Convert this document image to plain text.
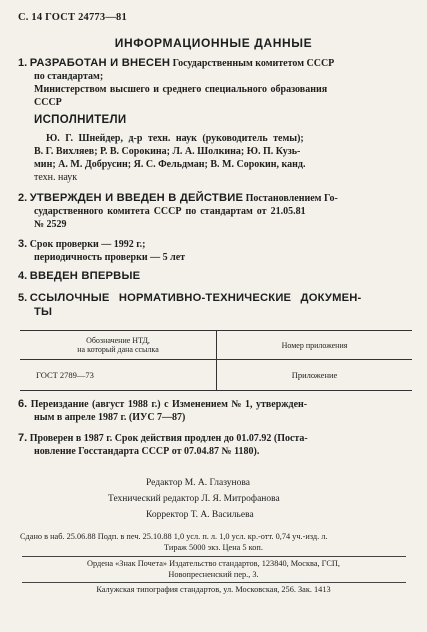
С. 14 ГОСТ 24773—81
ИНФОРМАЦИОННЫЕ ДАННЫЕ
1. РАЗРАБОТАН И ВНЕСЕН Государственным комитетом СССР
по стандартам;
Министерством высшего и среднего специального образования
СССР
ИСПОЛНИТЕЛИ
Ю. Г. Шнейдер, д-р техн. наук (руководитель темы);
В. Г. Вихляев; Р. В. Сорокина; Л. А. Шолкина; Ю. П. Кузь-
мин; А. М. Добрусин; Я. С. Фельдман; В. М. Сорокин, канд.
техн. наук
2. УТВЕРЖДЕН И ВВЕДЕН В ДЕЙСТВИЕ Постановлением Го-
сударственного комитета СССР по стандартам от 21.05.81
№ 2529
3. Срок проверки — 1992 г.;
периодичность проверки — 5 лет
4. ВВЕДЕН ВПЕРВЫЕ
5. ССЫЛОЧНЫЕ НОРМАТИВНО-ТЕХНИЧЕСКИЕ ДОКУМЕН-
ТЫ
Обозначение НТД,
на который дана ссылка	Номер приложения
ГОСТ 2789—73	Приложение
6. Переиздание (август 1988 г.) с Изменением № 1, утвержден-
ным в апреле 1987 г. (ИУС 7—87)
7. Проверен в 1987 г. Срок действия продлен до 01.07.92 (Постa-
новление Госстандарта СССР от 07.04.87 № 1180).
Редактор М. А. Глазунова
Технический редактор Л. Я. Митрофанова
Корректор Т. А. Васильева
Сдано в наб. 25.06.88 Подп. в печ. 25.10.88 1,0 усл. п. л. 1,0 усл. кр.-отт. 0,74 уч.-изд. л.
Тираж 5000 экз. Цена 5 коп.
Ордена «Знак Почета» Издательство стандартов, 123840, Москва, ГСП,
Новопресненский пер., 3.
Калужская типография стандартов, ул. Московская, 256. Зак. 1413
